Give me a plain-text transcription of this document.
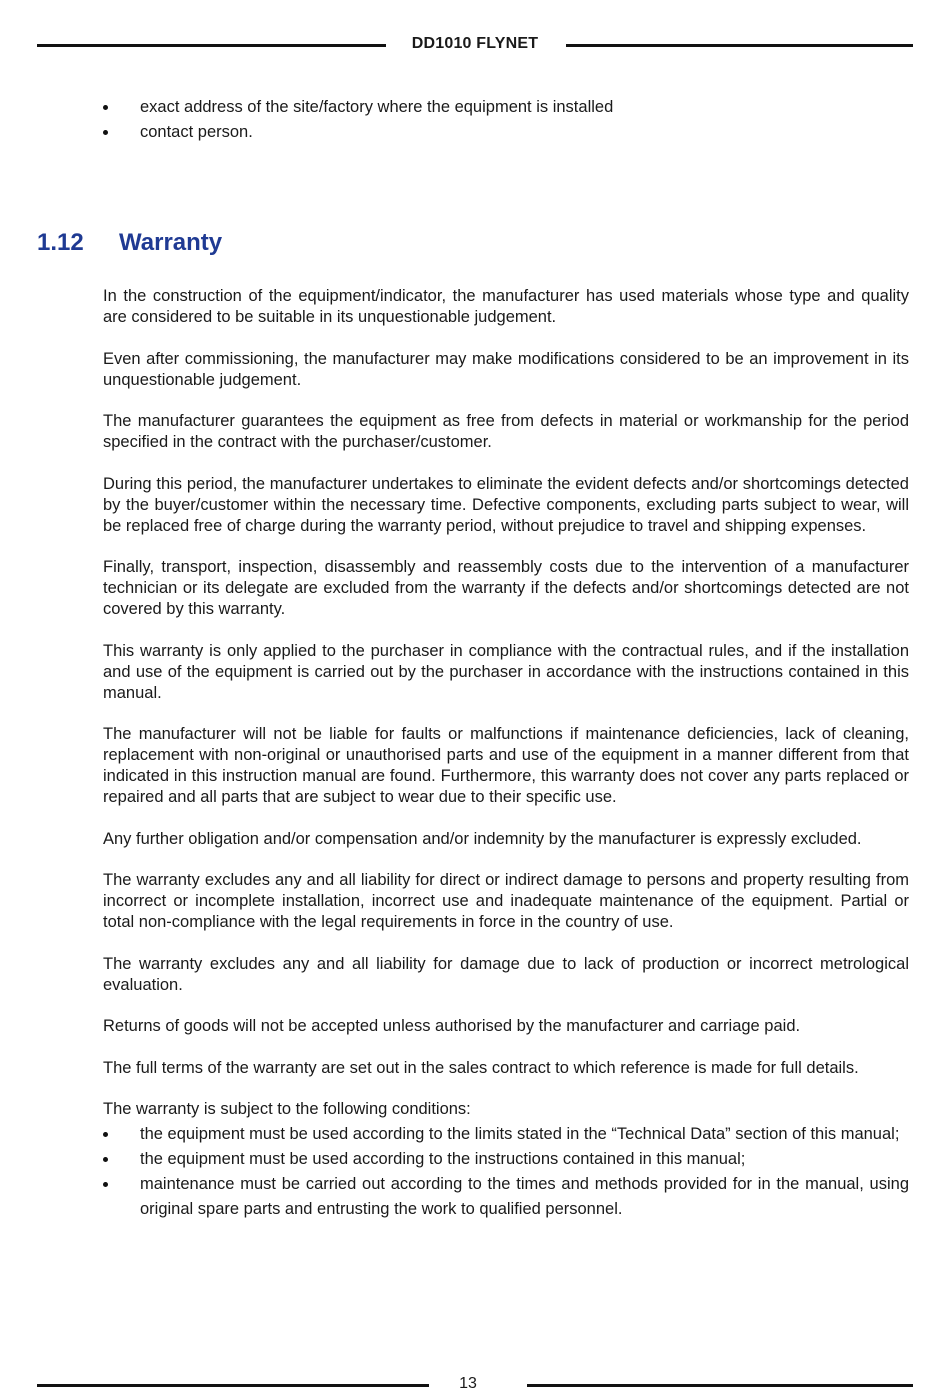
DD1010 FLYNET
exact address of the site/factory where the equipment is installed
contact person.
1.12 Warranty

In the construction of the equipment/indicator, the manufacturer has used materials whose type and quality are considered to be suitable in its unquestionable judgement.

Even after commissioning, the manufacturer may make modifications considered to be an improvement in its unquestionable judgement.

The manufacturer guarantees the equipment as free from defects in material or workmanship for the period specified in the contract with the purchaser/customer.

During this period, the manufacturer undertakes to eliminate the evident defects and/or shortcomings detected by the buyer/customer within the necessary time. Defective components, excluding parts subject to wear, will be replaced free of charge during the warranty period, without prejudice to travel and shipping expenses.

Finally, transport, inspection, disassembly and reassembly costs due to the intervention of a manufacturer technician or its delegate are excluded from the warranty if the defects and/or shortcomings detected are not covered by this warranty.

This warranty is only applied to the purchaser in compliance with the contractual rules, and if the installation and use of the equipment is carried out by the purchaser in accordance with the instructions contained in this manual.

The manufacturer will not be liable for faults or malfunctions if maintenance deficiencies, lack of cleaning, replacement with non-original or unauthorised parts and use of the equipment in a manner different from that indicated in this instruction manual are found. Furthermore, this warranty does not cover any parts replaced or repaired and all parts that are subject to wear due to their specific use.

Any further obligation and/or compensation and/or indemnity by the manufacturer is expressly excluded.

The warranty excludes any and all liability for direct or indirect damage to persons and property resulting from incorrect or incomplete installation, incorrect use and inadequate maintenance of the equipment. Partial or total non-compliance with the legal requirements in force in the country of use.

The warranty excludes any and all liability for damage due to lack of production or incorrect metrological evaluation.

Returns of goods will not be accepted unless authorised by the manufacturer and carriage paid.

The full terms of the warranty are set out in the sales contract to which reference is made for full details.

The warranty is subject to the following conditions:

the equipment must be used according to the limits stated in the “Technical Data” section of this manual;
the equipment must be used according to the instructions contained in this manual;
maintenance must be carried out according to the times and methods provided for in the manual, using original spare parts and entrusting the work to qualified personnel.
13
